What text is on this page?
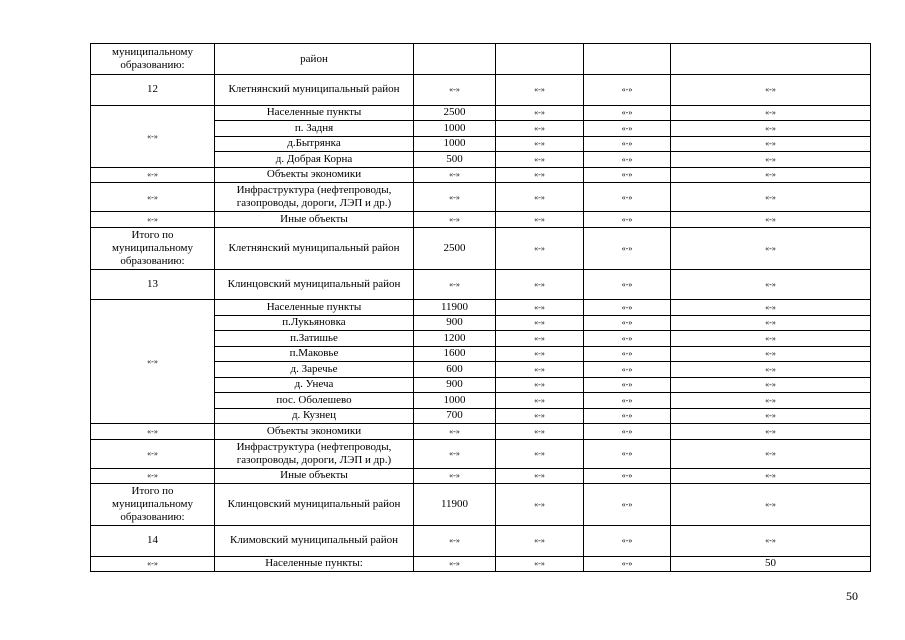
муниципальному образованию:	район				
12	Клетнянский муниципальный район	«-»	«-»	«-»	«-»
«-»	Населенные пункты	2500	«-»	«-»	«-»
	п. Задня	1000	«-»	«-»	«-»
	д.Бытрянка	1000	«-»	«-»	«-»
	д. Добрая Корна	500	«-»	«-»	«-»
«-»	Объекты экономики	«-»	«-»	«-»	«-»
«-»	Инфраструктура (нефтепроводы, газопроводы, дороги, ЛЭП и др.)	«-»	«-»	«-»	«-»
«-»	Иные объекты	«-»	«-»	«-»	«-»
Итого по муниципальному образованию:	Клетнянский муниципальный район	2500	«-»	«-»	«-»
13	Клинцовский муниципальный район	«-»	«-»	«-»	«-»
«-»	Населенные пункты	11900	«-»	«-»	«-»
	п.Лукьяновка	900	«-»	«-»	«-»
	п.Затишье	1200	«-»	«-»	«-»
	п.Маковье	1600	«-»	«-»	«-»
	д. Заречье	600	«-»	«-»	«-»
	д. Унеча	900	«-»	«-»	«-»
	пос. Оболешево	1000	«-»	«-»	«-»
	д. Кузнец	700	«-»	«-»	«-»
«-»	Объекты экономики	«-»	«-»	«-»	«-»
«-»	Инфраструктура (нефтепроводы, газопроводы, дороги, ЛЭП и др.)	«-»	«-»	«-»	«-»
«-»	Иные объекты	«-»	«-»	«-»	«-»
Итого по муниципальному образованию:	Клинцовский муниципальный район	11900	«-»	«-»	«-»
14	Климовский муниципальный район	«-»	«-»	«-»	«-»
«-»	Населенные пункты:	«-»	«-»	«-»	50
50
